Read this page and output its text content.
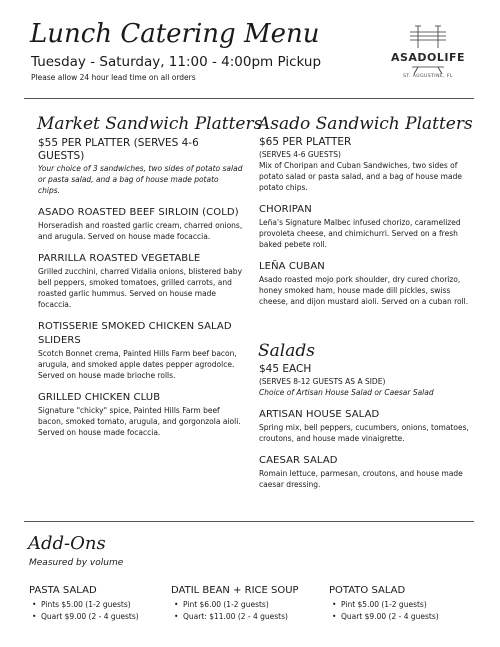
Lunch Catering Menu
Tuesday - Saturday, 11:00 - 4:00pm Pickup
Please allow 24 hour lead time on all orders
ASADOLIFE
ST. AUGUSTINE, FL
Market Sandwich Platters
$55 PER PLATTER (SERVES 4-6 GUESTS)
Your choice of 3 sandwiches, two sides of potato salad or pasta salad, and a bag of house made potato chips.
ASADO ROASTED BEEF SIRLOIN (COLD)
Horseradish and roasted garlic cream, charred onions, and arugula. Served on house made focaccia.
PARRILLA ROASTED VEGETABLE
Grilled zucchini, charred Vidalia onions, blistered baby bell peppers, smoked tomatoes, grilled carrots, and roasted garlic hummus. Served on house made focaccia.
ROTISSERIE SMOKED CHICKEN SALAD SLIDERS
Scotch Bonnet crema, Painted Hills Farm beef bacon, arugula, and smoked apple dates pepper agrodolce. Served on house made brioche rolls.
GRILLED CHICKEN CLUB
Signature "chicky" spice, Painted Hills Farm beef bacon, smoked tomato, arugula, and gorgonzola aioli. Served on house made focaccia.
Asado Sandwich Platters
$65 PER PLATTER
(SERVES 4-6 GUESTS)
Mix of Choripan and Cuban Sandwiches, two sides of potato salad or pasta salad, and a bag of house made potato chips.
CHORIPAN
Leña's Signature Malbec infused chorizo, caramelized provoleta cheese, and chimichurri. Served on a fresh baked pebete roll.
LEÑA CUBAN
Asado roasted mojo pork shoulder, dry cured chorizo, honey smoked ham, house made dill pickles, swiss cheese, and dijon mustard aioli. Served on a cuban roll.
Salads
$45 EACH
(SERVES 8-12 GUESTS AS A SIDE)
Choice of Artisan House Salad or Caesar Salad
ARTISAN HOUSE SALAD
Spring mix, bell peppers, cucumbers, onions, tomatoes, croutons, and house made vinaigrette.
CAESAR SALAD
Romain lettuce, parmesan, croutons, and house made caesar dressing.
Add-Ons
Measured by volume
PASTA SALAD
• Pints $5.00 (1-2 guests)
• Quart $9.00 (2 - 4 guests)
DATIL BEAN + RICE SOUP
• Pint $6.00 (1-2 guests)
• Quart: $11.00 (2 - 4 guests)
POTATO SALAD
• Pint $5.00 (1-2 guests)
• Quart $9.00 (2 - 4 guests)
